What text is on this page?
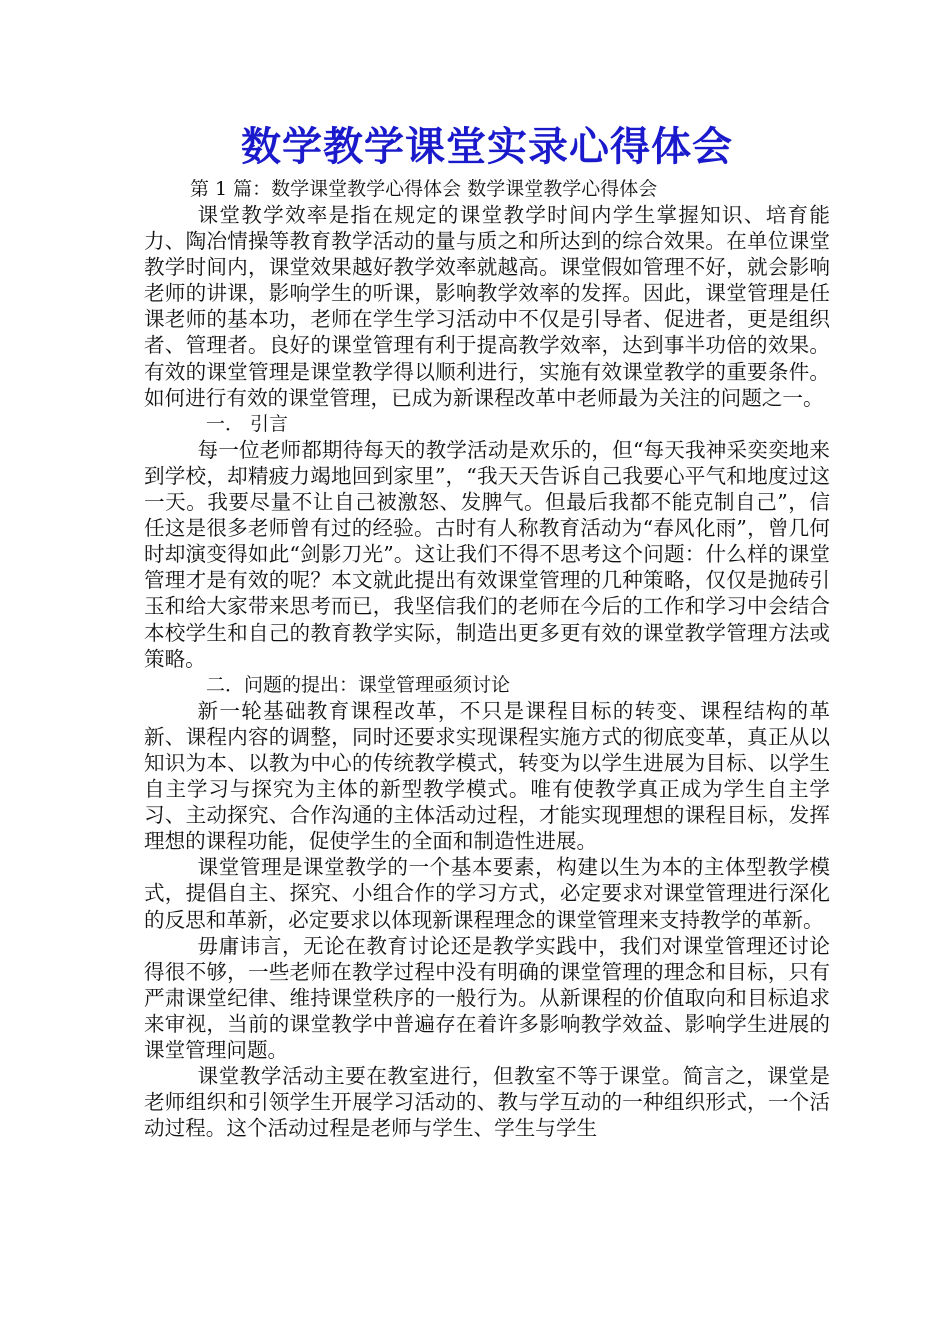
数学教学课堂实录心得体会

第 1 篇：数学课堂教学心得体会 数学课堂教学心得体会

课堂教学效率是指在规定的课堂教学时间内学生掌握知识、培育能力、陶冶情操等教育教学活动的量与质之和所达到的综合效果。在单位课堂教学时间内，课堂效果越好教学效率就越高。课堂假如管理不好，就会影响老师的讲课，影响学生的听课，影响教学效率的发挥。因此，课堂管理是任课老师的基本功，老师在学生学习活动中不仅是引导者、促进者，更是组织者、管理者。良好的课堂管理有利于提高教学效率，达到事半功倍的效果。有效的课堂管理是课堂教学得以顺利进行，实施有效课堂教学的重要条件。如何进行有效的课堂管理，已成为新课程改革中老师最为关注的问题之一。

一． 引言

每一位老师都期待每天的教学活动是欢乐的，但“每天我神采奕奕地来到学校，却精疲力竭地回到家里”，“我天天告诉自己我要心平气和地度过这一天。我要尽量不让自己被激怒、发脾气。但最后我都不能克制自己”，信任这是很多老师曾有过的经验。古时有人称教育活动为“春风化雨”，曾几何时却演变得如此“剑影刀光”。这让我们不得不思考这个问题：什么样的课堂管理才是有效的呢？本文就此提出有效课堂管理的几种策略，仅仅是抛砖引玉和给大家带来思考而已，我坚信我们的老师在今后的工作和学习中会结合本校学生和自己的教育教学实际，制造出更多更有效的课堂教学管理方法或策略。

二．问题的提出：课堂管理亟须讨论

新一轮基础教育课程改革，不只是课程目标的转变、课程结构的革新、课程内容的调整，同时还要求实现课程实施方式的彻底变革，真正从以知识为本、以教为中心的传统教学模式，转变为以学生进展为目标、以学生自主学习与探究为主体的新型教学模式。唯有使教学真正成为学生自主学习、主动探究、合作沟通的主体活动过程，才能实现理想的课程目标，发挥理想的课程功能，促使学生的全面和制造性进展。

课堂管理是课堂教学的一个基本要素，构建以生为本的主体型教学模式，提倡自主、探究、小组合作的学习方式，必定要求对课堂管理进行深化的反思和革新，必定要求以体现新课程理念的课堂管理来支持教学的革新。

毋庸讳言，无论在教育讨论还是教学实践中，我们对课堂管理还讨论得很不够，一些老师在教学过程中没有明确的课堂管理的理念和目标，只有严肃课堂纪律、维持课堂秩序的一般行为。从新课程的价值取向和目标追求来审视，当前的课堂教学中普遍存在着许多影响教学效益、影响学生进展的课堂管理问题。

课堂教学活动主要在教室进行，但教室不等于课堂。简言之，课堂是老师组织和引领学生开展学习活动的、教与学互动的一种组织形式，一个活动过程。这个活动过程是老师与学生、学生与学生
